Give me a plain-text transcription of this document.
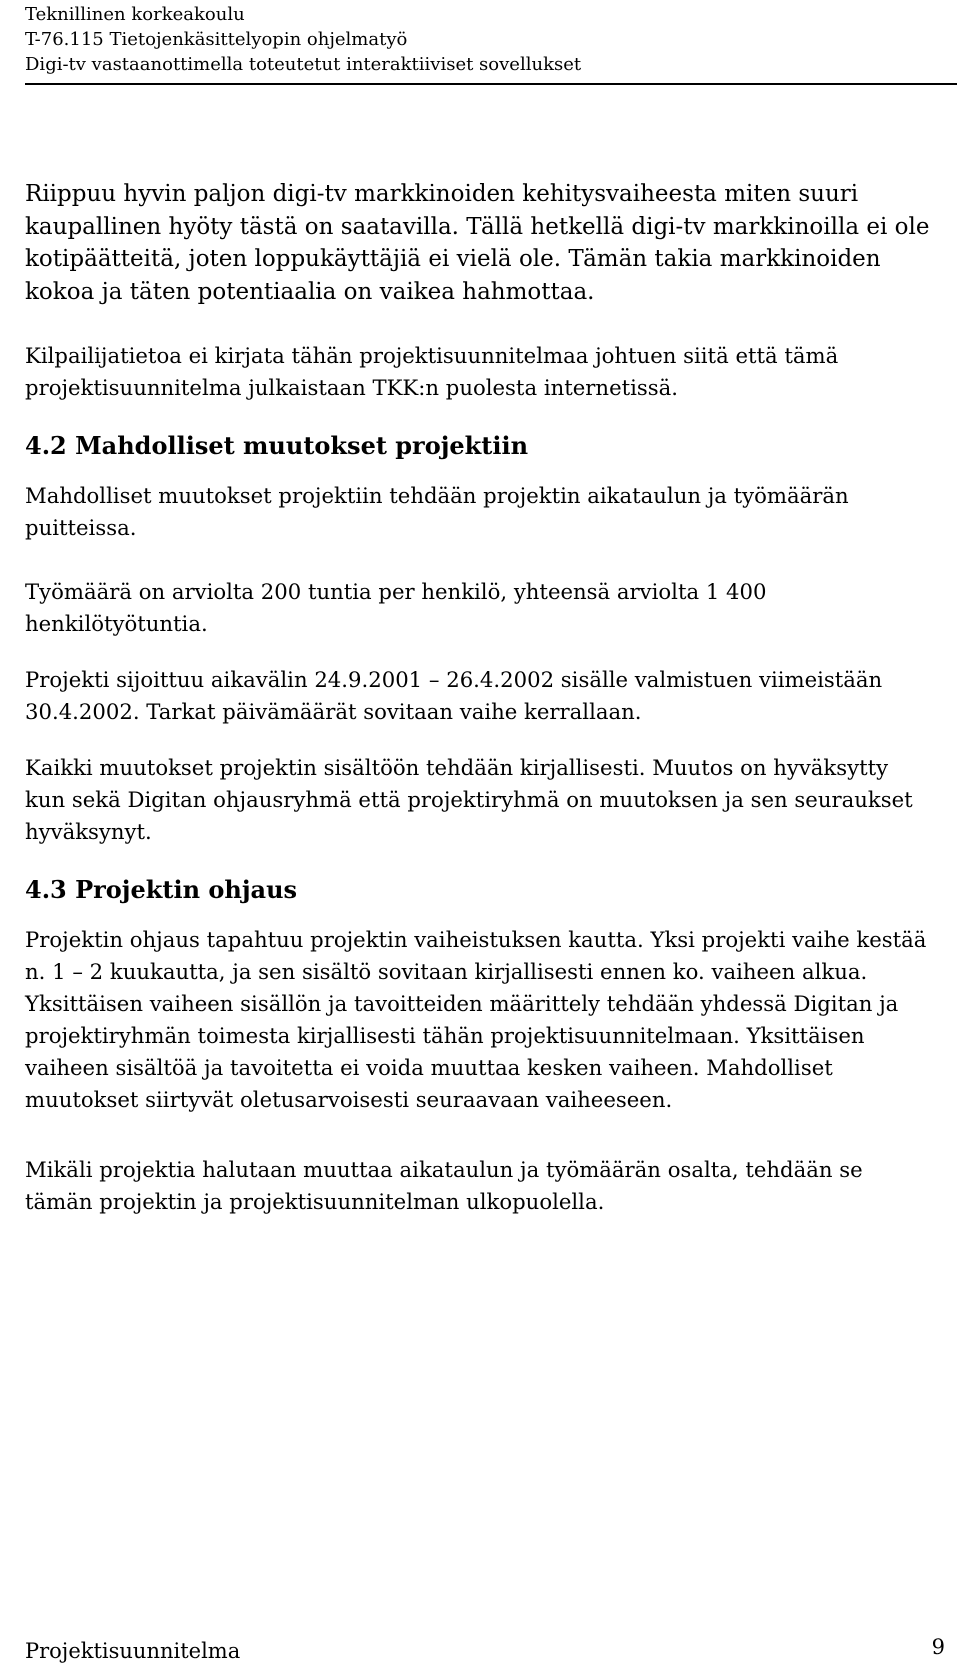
Teknillinen korkeakoulu
T-76.115 Tietojenkäsittelyopin ohjelmatyö
Digi-tv vastaanottimella toteutetut interaktiiviset sovellukset

Riippuu hyvin paljon digi-tv markkinoiden kehitysvaiheesta miten suuri kaupallinen hyöty tästä on saatavilla. Tällä hetkellä digi-tv markkinoilla ei ole kotipäätteitä, joten loppukäyttäjiä ei vielä ole. Tämän takia markkinoiden kokoa ja täten potentiaalia on vaikea hahmottaa.

Kilpailijatietoa ei kirjata tähän projektisuunnitelmaa johtuen siitä että tämä projektisuunnitelma julkaistaan TKK:n puolesta internetissä.

4.2 Mahdolliset muutokset projektiin

Mahdolliset muutokset projektiin tehdään projektin aikataulun ja työmäärän puitteissa.

Työmäärä on arviolta 200 tuntia per henkilö, yhteensä arviolta 1 400 henkilötyötuntia.

Projekti sijoittuu aikavälin 24.9.2001 – 26.4.2002 sisälle valmistuen viimeistään 30.4.2002. Tarkat päivämäärät sovitaan vaihe kerrallaan.

Kaikki muutokset projektin sisältöön tehdään kirjallisesti. Muutos on hyväksytty kun sekä Digitan ohjausryhmä että projektiryhmä on muutoksen ja sen seuraukset hyväksynyt.

4.3 Projektin ohjaus

Projektin ohjaus tapahtuu projektin vaiheistuksen kautta. Yksi projekti vaihe kestää n. 1 – 2 kuukautta, ja sen sisältö sovitaan kirjallisesti ennen ko. vaiheen alkua. Yksittäisen vaiheen sisällön ja tavoitteiden määrittely tehdään yhdessä Digitan ja projektiryhmän toimesta kirjallisesti tähän projektisuunnitelmaan. Yksittäisen vaiheen sisältöä ja tavoitetta ei voida muuttaa kesken vaiheen. Mahdolliset muutokset siirtyvät oletusarvoisesti seuraavaan vaiheeseen.

Mikäli projektia halutaan muuttaa aikataulun ja työmäärän osalta, tehdään se tämän projektin ja projektisuunnitelman ulkopuolella.

Projektisuunnitelma	9
